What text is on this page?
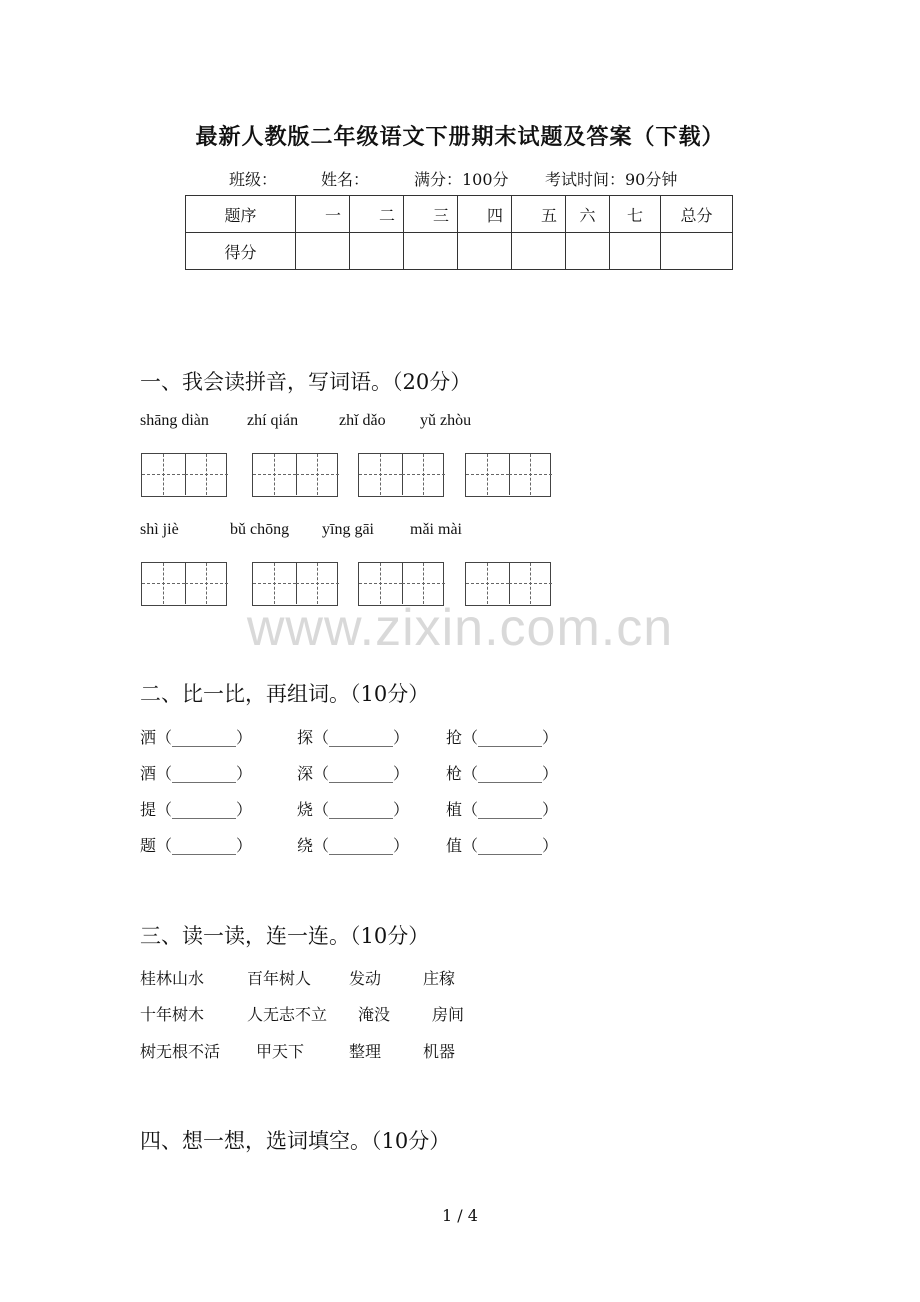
最新人教版二年级语文下册期末试题及答案（下载）
班级：	姓名：	满分：100分 考试时间：90分钟
题序	一	二	三	四	五	六	七	总分
得分								
一、我会读拼音，写词语。（20分）
shāng diàn zhí qián	zhǐ dǎo yǔ zhòu
shì jiè	bǔ chōng yīng gāi mǎi mài
www.zixin.com.cn
二、比一比，再组词。（10分）
洒（________）	探（________） 抢（________）
酒（________）	深（________） 枪（________）
提（________）	烧（________） 植（________）
题（________）	绕（________） 值（________）
三、读一读，连一连。（10分）
桂林山水	百年树人 发动	庄稼
十年树木	人无志不立 淹没	房间
树无根不活 甲天下	整理	机器
四、想一想，选词填空。（10分）
1 / 4
